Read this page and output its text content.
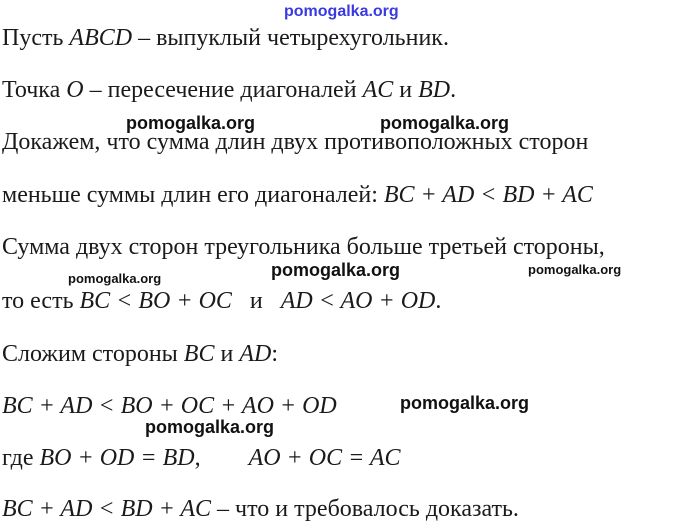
pomogalka.org
pomogalka.org	pomogalka.org
pomogalka.org	pomogalka.org	pomogalka.org
pomogalka.org
pomogalka.org
Пусть ABCD – выпуклый четырехугольник.
Точка O – пересечение диагоналей AC и BD.
Докажем, что сумма длин двух противоположных сторон
меньше суммы длин его диагоналей: BC + AD < BD + AC
Сумма двух сторон треугольника больше третьей стороны,
то есть BC < BO + OC   и   AD < AO + OD.
Сложим стороны BC и AD:
BC + AD < BO + OC + AO + OD
где BO + OD = BD,        AO + OC = AC
BC + AD < BD + AC – что и требовалось доказать.
